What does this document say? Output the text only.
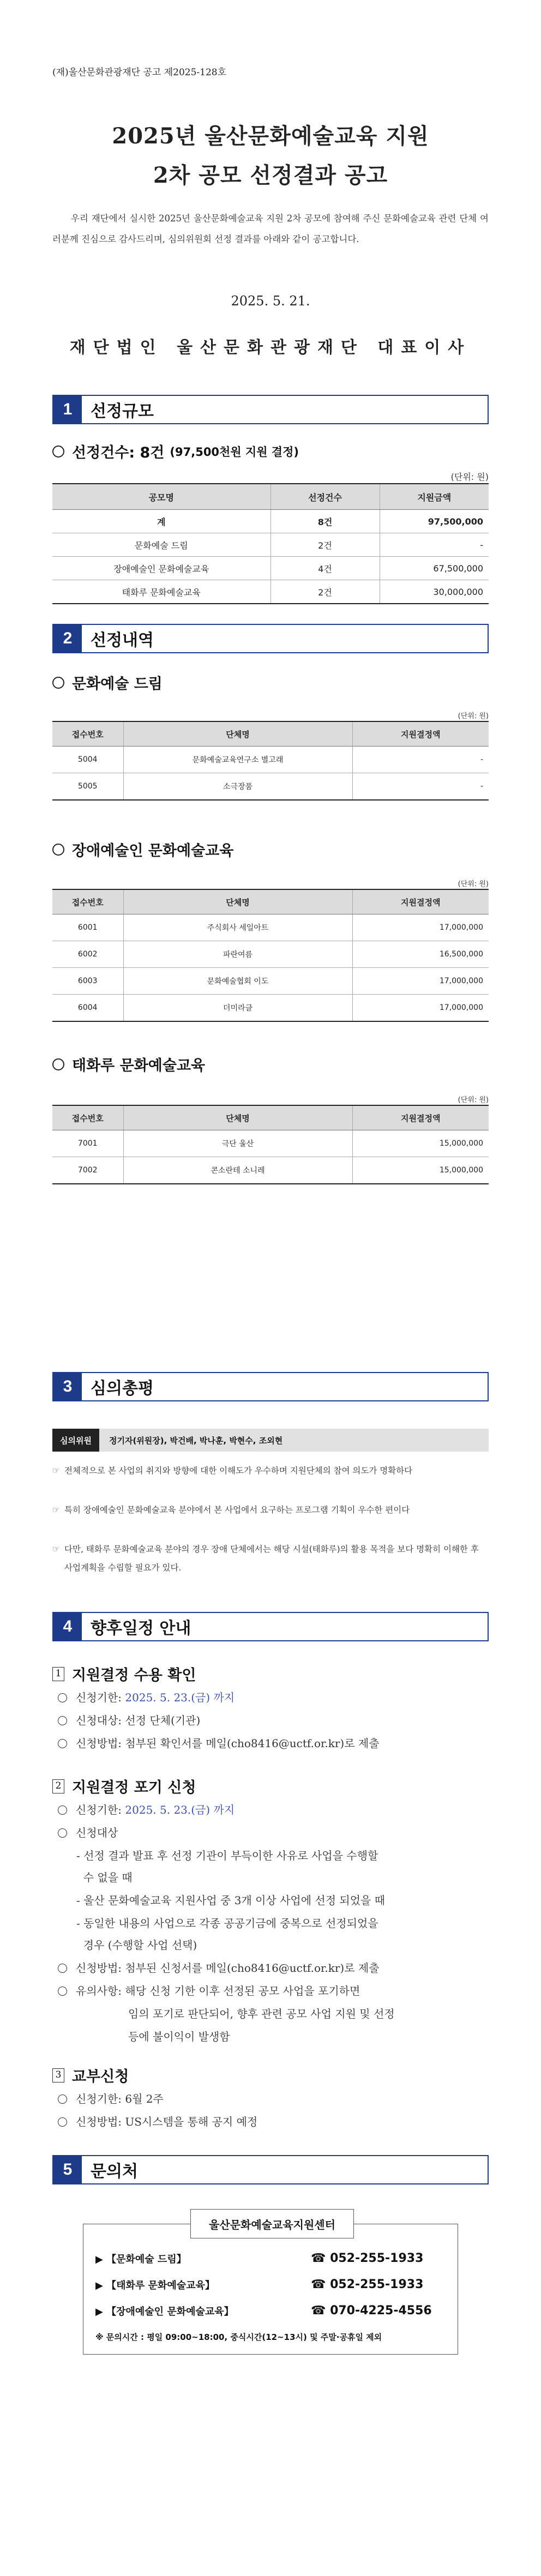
(재)울산문화관광재단 공고 제2025-128호
2025년 울산문화예술교육 지원
2차 공모 선정결과 공고
우리 재단에서 실시한 2025년 울산문화예술교육 지원 2차 공모에 참여해 주신 문화예술교육 관련 단체 여러분께 진심으로 감사드리며, 심의위원회 선정 결과를 아래와 같이 공고합니다.
2025. 5. 21.
재단법인 울산문화관광재단 대표이사
1	선정규모
선정건수: 8건 (97,500천원 지원 결정)
(단위: 원)
공모명	선정건수	지원금액
계	8건	97,500,000
문화예술 드림	2건	-
장애예술인 문화예술교육	4건	67,500,000
태화루 문화예술교육	2건	30,000,000
2	선정내역
문화예술 드림
(단위: 원)
접수번호	단체명	지원결정액
5004	문화예술교육연구소 별고래	-
5005	소극장품	-
장애예술인 문화예술교육
(단위: 원)
접수번호	단체명	지원결정액
6001	주식회사 세일아트	17,000,000
6002	파란여름	16,500,000
6003	문화예술협회 이도	17,000,000
6004	더미라클	17,000,000
태화루 문화예술교육
(단위: 원)
접수번호	단체명	지원결정액
7001	극단 울산	15,000,000
7002	콘소란테 소니레	15,000,000
3	심의총평
심의위원	정기자(위원장), 박건배, 박나훈, 박현수, 조외현
☞ 전체적으로 본 사업의 취지와 방향에 대한 이해도가 우수하며 지원단체의 참여 의도가 명확하다
☞ 특히 장애예술인 문화예술교육 분야에서 본 사업에서 요구하는 프로그램 기획이 우수한 편이다
☞ 다만, 태화루 문화예술교육 분야의 경우 장애 단체에서는 해당 시설(태화루)의 활용 목적을 보다 명확히 이해한 후 사업계획을 수립할 필요가 있다.
4	향후일정 안내
1 지원결정 수용 확인
신청기한: 2025. 5. 23.(금) 까지
신청대상: 선정 단체(기관)
신청방법: 첨부된 확인서를 메일(cho8416@uctf.or.kr)로 제출
2 지원결정 포기 신청
신청기한: 2025. 5. 23.(금) 까지
신청대상
- 선정 결과 발표 후 선정 기관이 부득이한 사유로 사업을 수행할
수 없을 때
- 울산 문화예술교육 지원사업 중 3개 이상 사업에 선정 되었을 때
- 동일한 내용의 사업으로 각종 공공기금에 중복으로 선정되었을
경우 (수행할 사업 선택)
신청방법: 첨부된 신청서를 메일(cho8416@uctf.or.kr)로 제출
유의사항: 해당 신청 기한 이후 선정된 공모 사업을 포기하면
임의 포기로 판단되어, 향후 관련 공모 사업 지원 및 선정
등에 불이익이 발생함
3 교부신청
신청기한: 6월 2주
신청방법: US시스템을 통해 공지 예정
5	문의처
울산문화예술교육지원센터
▶ 【문화예술 드림】	☎ 052-255-1933
▶ 【태화루 문화예술교육】	☎ 052-255-1933
▶ 【장애예술인 문화예술교육】	☎ 070-4225-4556
※ 문의시간 : 평일 09:00~18:00, 중식시간(12~13시) 및 주말·공휴일 제외
